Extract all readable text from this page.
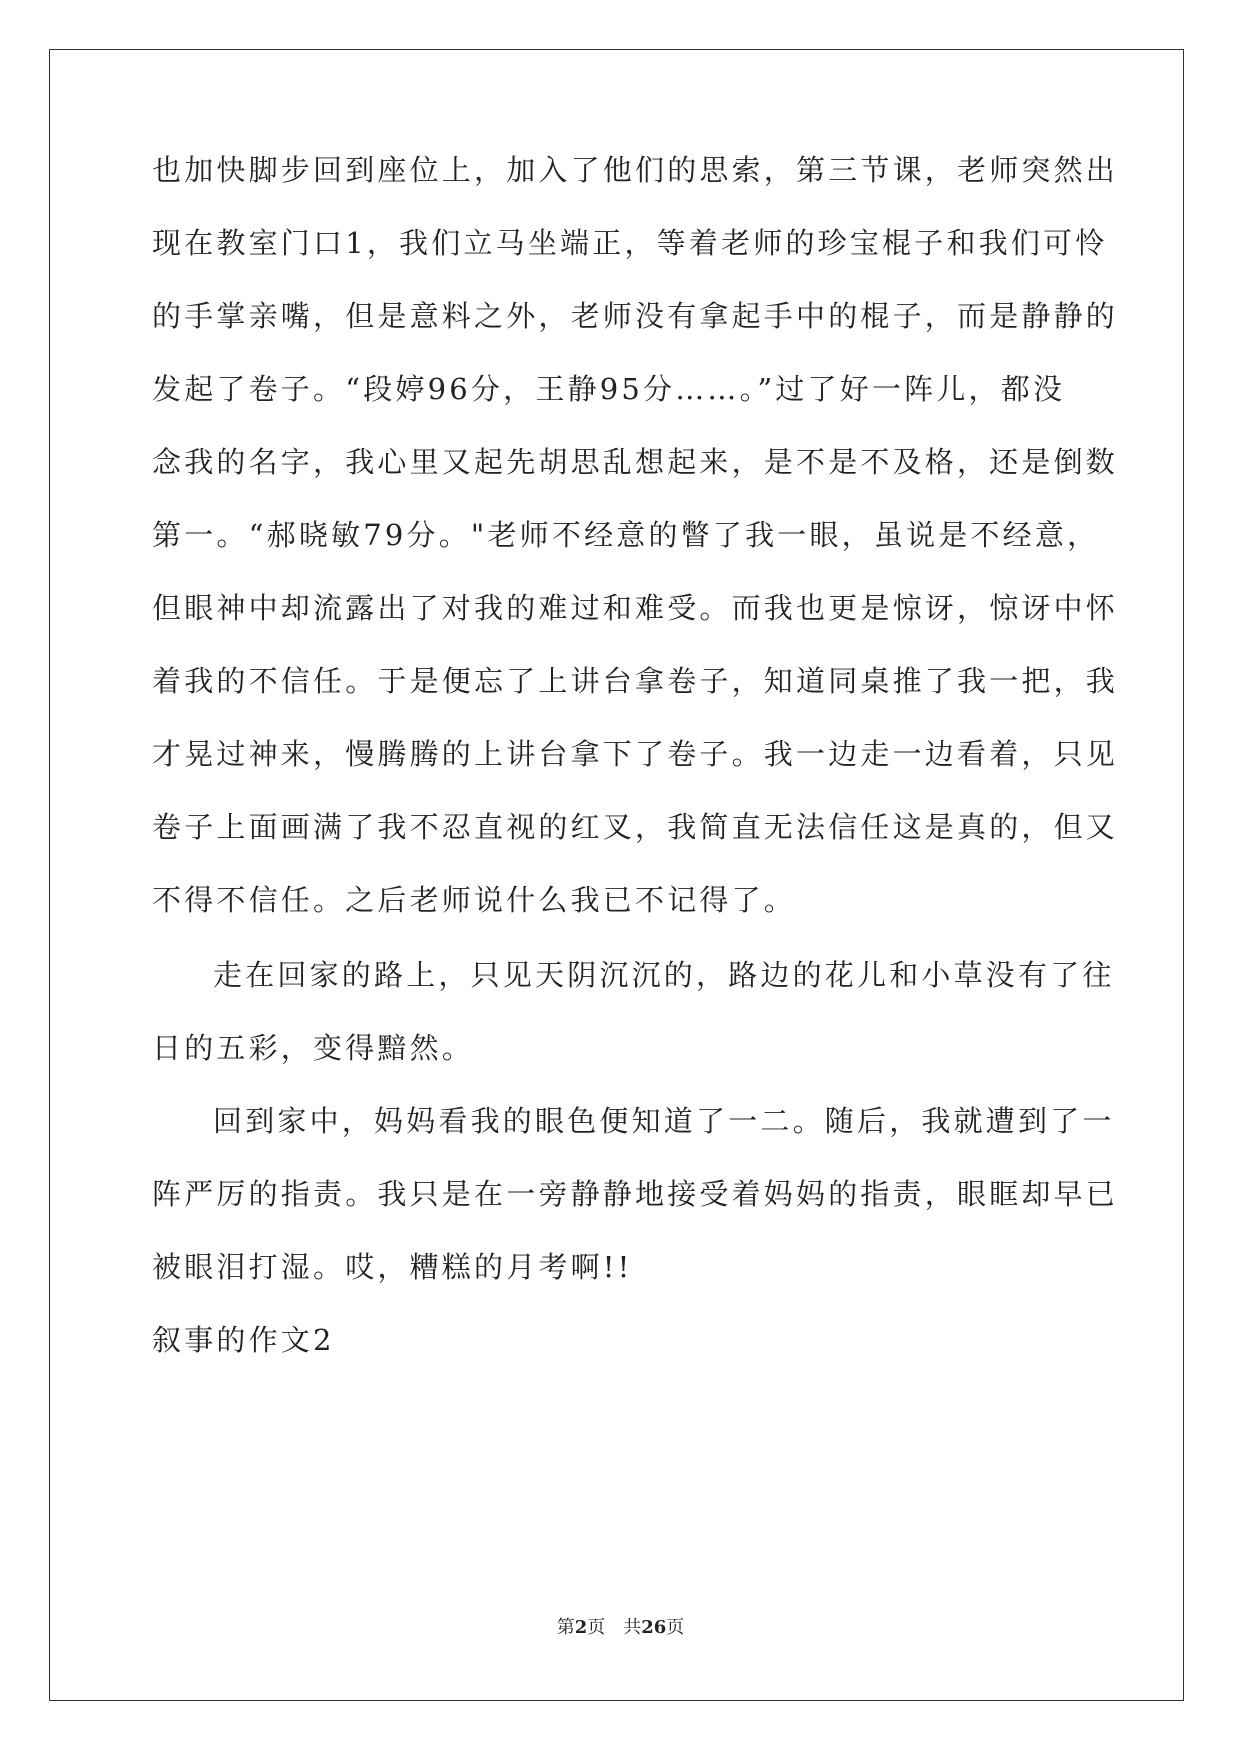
也加快脚步回到座位上，加入了他们的思索，第三节课，老师突然出
现在教室门口1，我们立马坐端正，等着老师的珍宝棍子和我们可怜
的手掌亲嘴，但是意料之外，老师没有拿起手中的棍子，而是静静的
发起了卷子。“段婷96分，王静95分……。”过了好一阵儿，都没
念我的名字，我心里又起先胡思乱想起来，是不是不及格，还是倒数
第一。“郝晓敏79分。"老师不经意的瞥了我一眼，虽说是不经意，
但眼神中却流露出了对我的难过和难受。而我也更是惊讶，惊讶中怀
着我的不信任。于是便忘了上讲台拿卷子，知道同桌推了我一把，我
才晃过神来，慢腾腾的上讲台拿下了卷子。我一边走一边看着，只见
卷子上面画满了我不忍直视的红叉，我简直无法信任这是真的，但又
不得不信任。之后老师说什么我已不记得了。
走在回家的路上，只见天阴沉沉的，路边的花儿和小草没有了往
日的五彩，变得黯然。
回到家中，妈妈看我的眼色便知道了一二。随后，我就遭到了一
阵严厉的指责。我只是在一旁静静地接受着妈妈的指责，眼眶却早已
被眼泪打湿。哎，糟糕的月考啊!!
叙事的作文2
第2页　共26页
